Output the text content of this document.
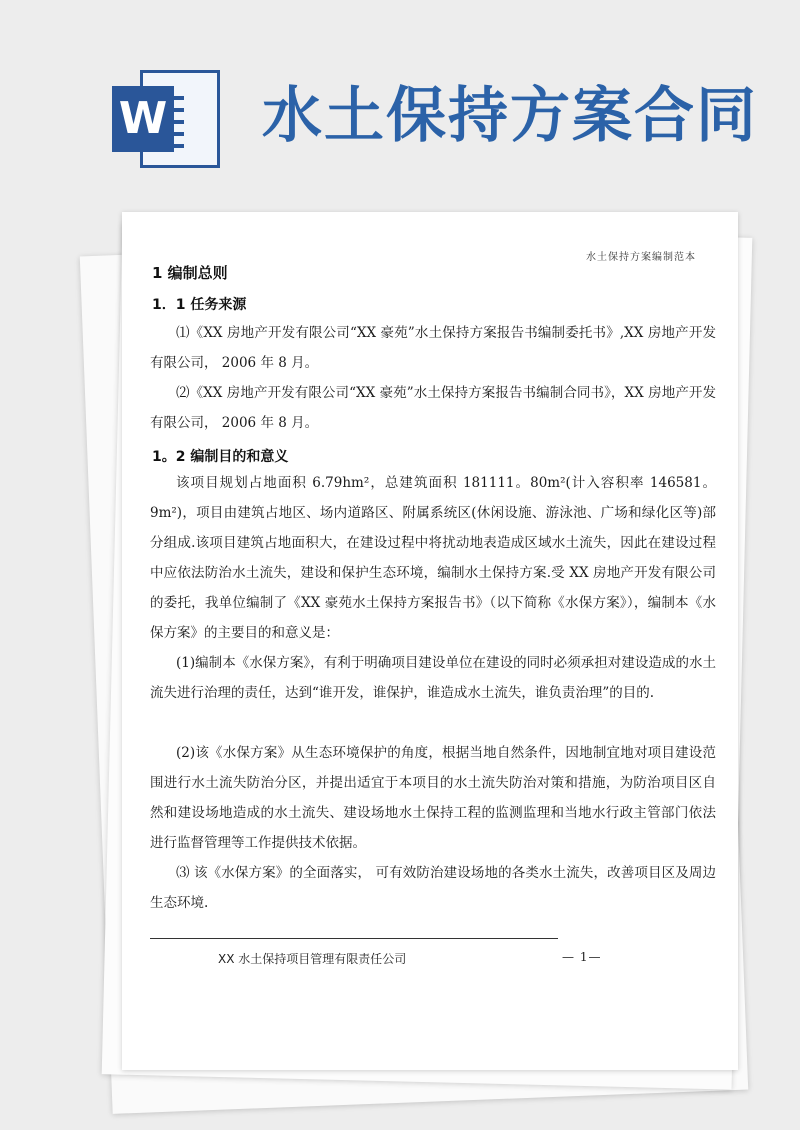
W 水土保持方案合同
水土保持方案编制范本
1 编制总则
1．1 任务来源
⑴《XX 房地产开发有限公司“XX 豪苑”水土保持方案报告书编制委托书》,XX 房地产开发有限公司， 2006 年 8 月。
⑵《XX 房地产开发有限公司“XX 豪苑”水土保持方案报告书编制合同书》，XX 房地产开发有限公司， 2006 年 8 月。
1。2 编制目的和意义
该项目规划占地面积 6.79hm²，总建筑面积 181111。80m²(计入容积率 146581。9m²)，项目由建筑占地区、场内道路区、附属系统区(休闲设施、游泳池、广场和绿化区等)部分组成.该项目建筑占地面积大，在建设过程中将扰动地表造成区域水土流失，因此在建设过程中应依法防治水土流失，建设和保护生态环境，编制水土保持方案.受 XX 房地产开发有限公司的委托，我单位编制了《XX 豪苑水土保持方案报告书》（以下简称《水保方案》），编制本《水保方案》的主要目的和意义是：
(1)编制本《水保方案》，有利于明确项目建设单位在建设的同时必须承担对建设造成的水土流失进行治理的责任，达到“谁开发，谁保护，谁造成水土流失，谁负责治理”的目的.
(2)该《水保方案》从生态环境保护的角度，根据当地自然条件，因地制宜地对项目建设范围进行水土流失防治分区，并提出适宜于本项目的水土流失防治对策和措施，为防治项目区自然和建设场地造成的水土流失、建设场地水土保持工程的监测监理和当地水行政主管部门依法进行监督管理等工作提供技术依据。
⑶ 该《水保方案》的全面落实， 可有效防治建设场地的各类水土流失，改善项目区及周边生态环境.
XX 水土保持项目管理有限责任公司	— 1—
